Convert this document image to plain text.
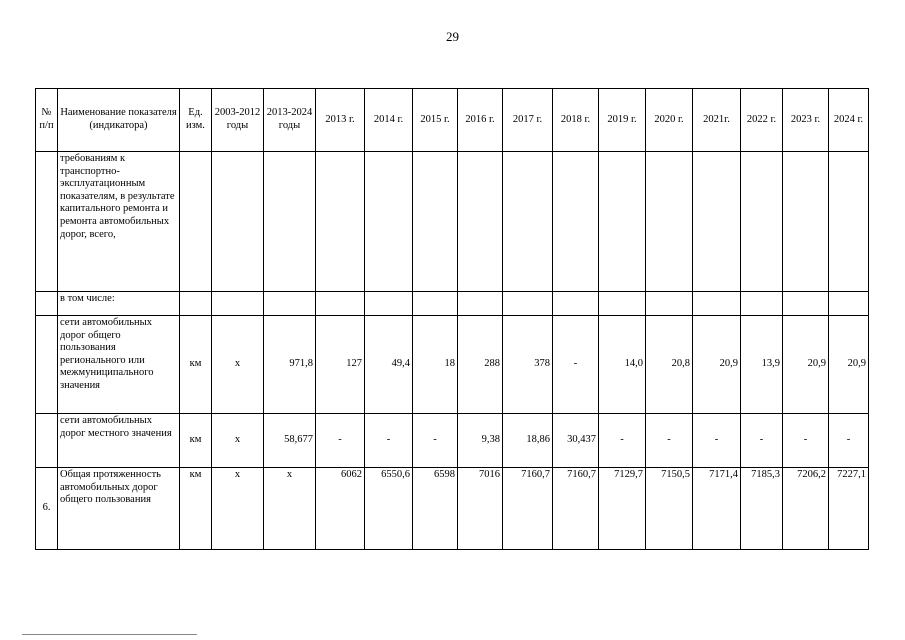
29
№ п/п	Наименование показателя (индикатора)	Ед. изм.	2003-2012 годы	2013-2024 годы	2013 г.	2014 г.	2015 г.	2016 г.	2017 г.	2018 г.	2019 г.	2020 г.	2021г.	2022 г.	2023 г.	2024 г.
	требованиям к транспортно-эксплуатационным показателям, в результате капитального ремонта и ремонта автомобильных дорог, всего,															
	в том числе:															
	сети автомобильных дорог общего пользования регионального или межмуниципального значения	км	х	971,8	127	49,4	18	288	378	-	14,0	20,8	20,9	13,9	20,9	20,9
	сети автомобильных дорог местного значения	км	х	58,677	-	-	-	9,38	18,86	30,437	-	-	-	-	-	-
6.	Общая протяженность автомобильных дорог общего пользования	км	х	х	6062	6550,6	6598	7016	7160,7	7160,7	7129,7	7150,5	7171,4	7185,3	7206,2	7227,1
